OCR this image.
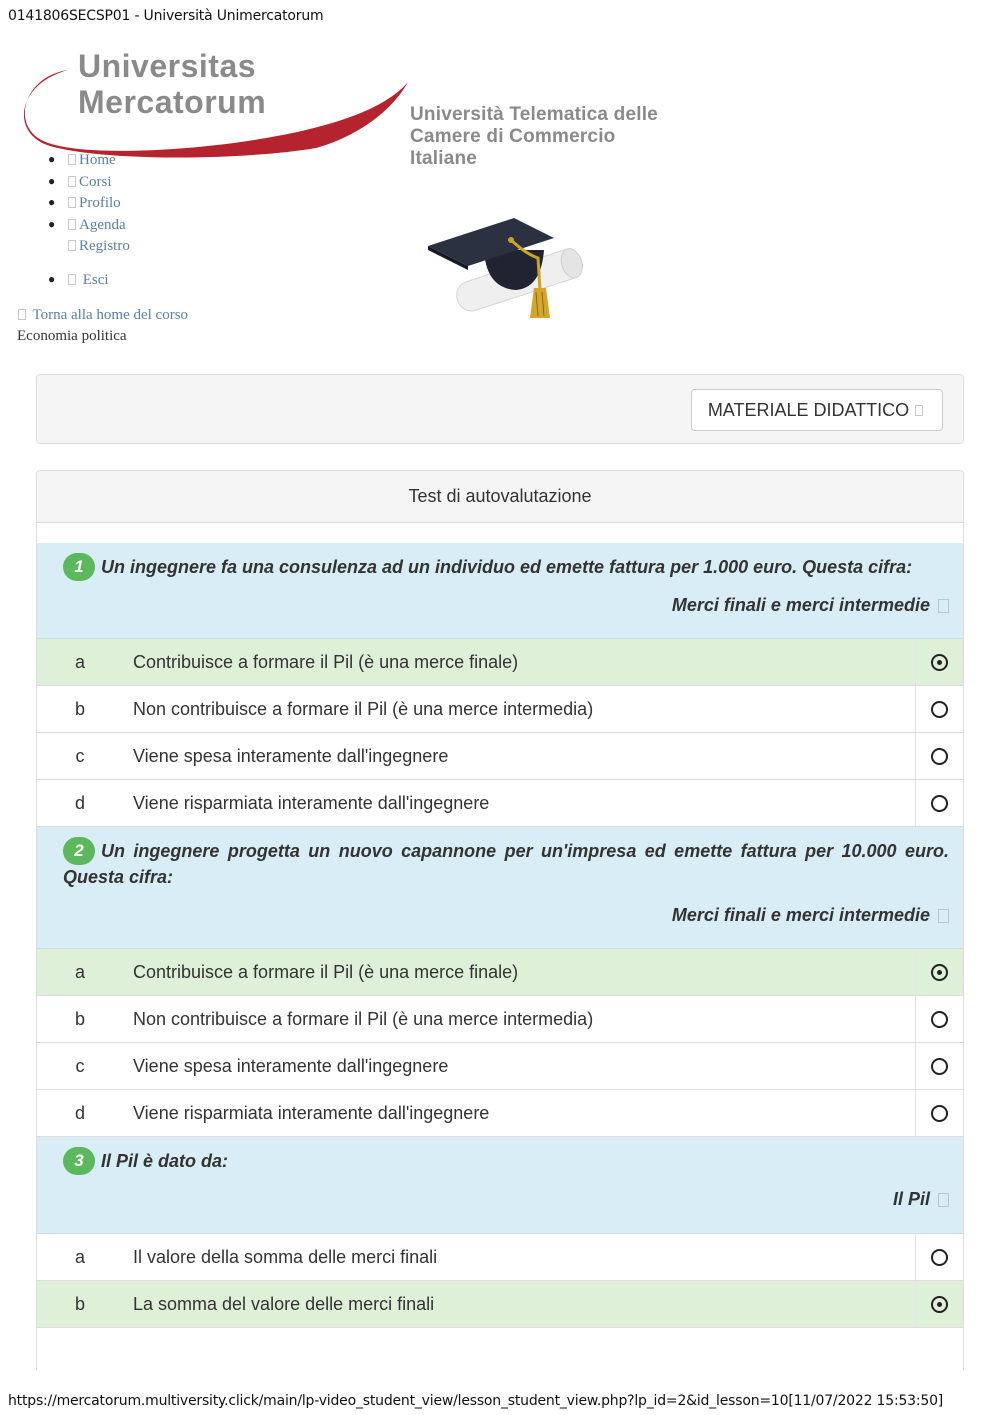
0141806SECSP01 - Università Unimercatorum
Universitas
Mercatorum	Università Telematica delle
Camere di Commercio Italiane
●	Home
●	Corsi
●	Profilo
●	Agenda
Registro
●	Esci
Torna alla home del corso
Economia politica
MATERIALE DIDATTICO
Test di autovalutazione
1 Un ingegnere fa una consulenza ad un individuo ed emette fattura per 1.000 euro. Questa cifra:
Merci finali e merci intermedie
a	Contribuisce a formare il Pil (è una merce finale)
b	Non contribuisce a formare il Pil (è una merce intermedia)
c	Viene spesa interamente dall'ingegnere
d	Viene risparmiata interamente dall'ingegnere
2 Un ingegnere progetta un nuovo capannone per un'impresa ed emette fattura per 10.000 euro. Questa cifra:
Merci finali e merci intermedie
a	Contribuisce a formare il Pil (è una merce finale)
b	Non contribuisce a formare il Pil (è una merce intermedia)
c	Viene spesa interamente dall'ingegnere
d	Viene risparmiata interamente dall'ingegnere
3 Il Pil è dato da:
Il Pil
a	Il valore della somma delle merci finali
b	La somma del valore delle merci finali
https://mercatorum.multiversity.click/main/lp-video_student_view/lesson_student_view.php?lp_id=2&id_lesson=10[11/07/2022 15:53:50]
